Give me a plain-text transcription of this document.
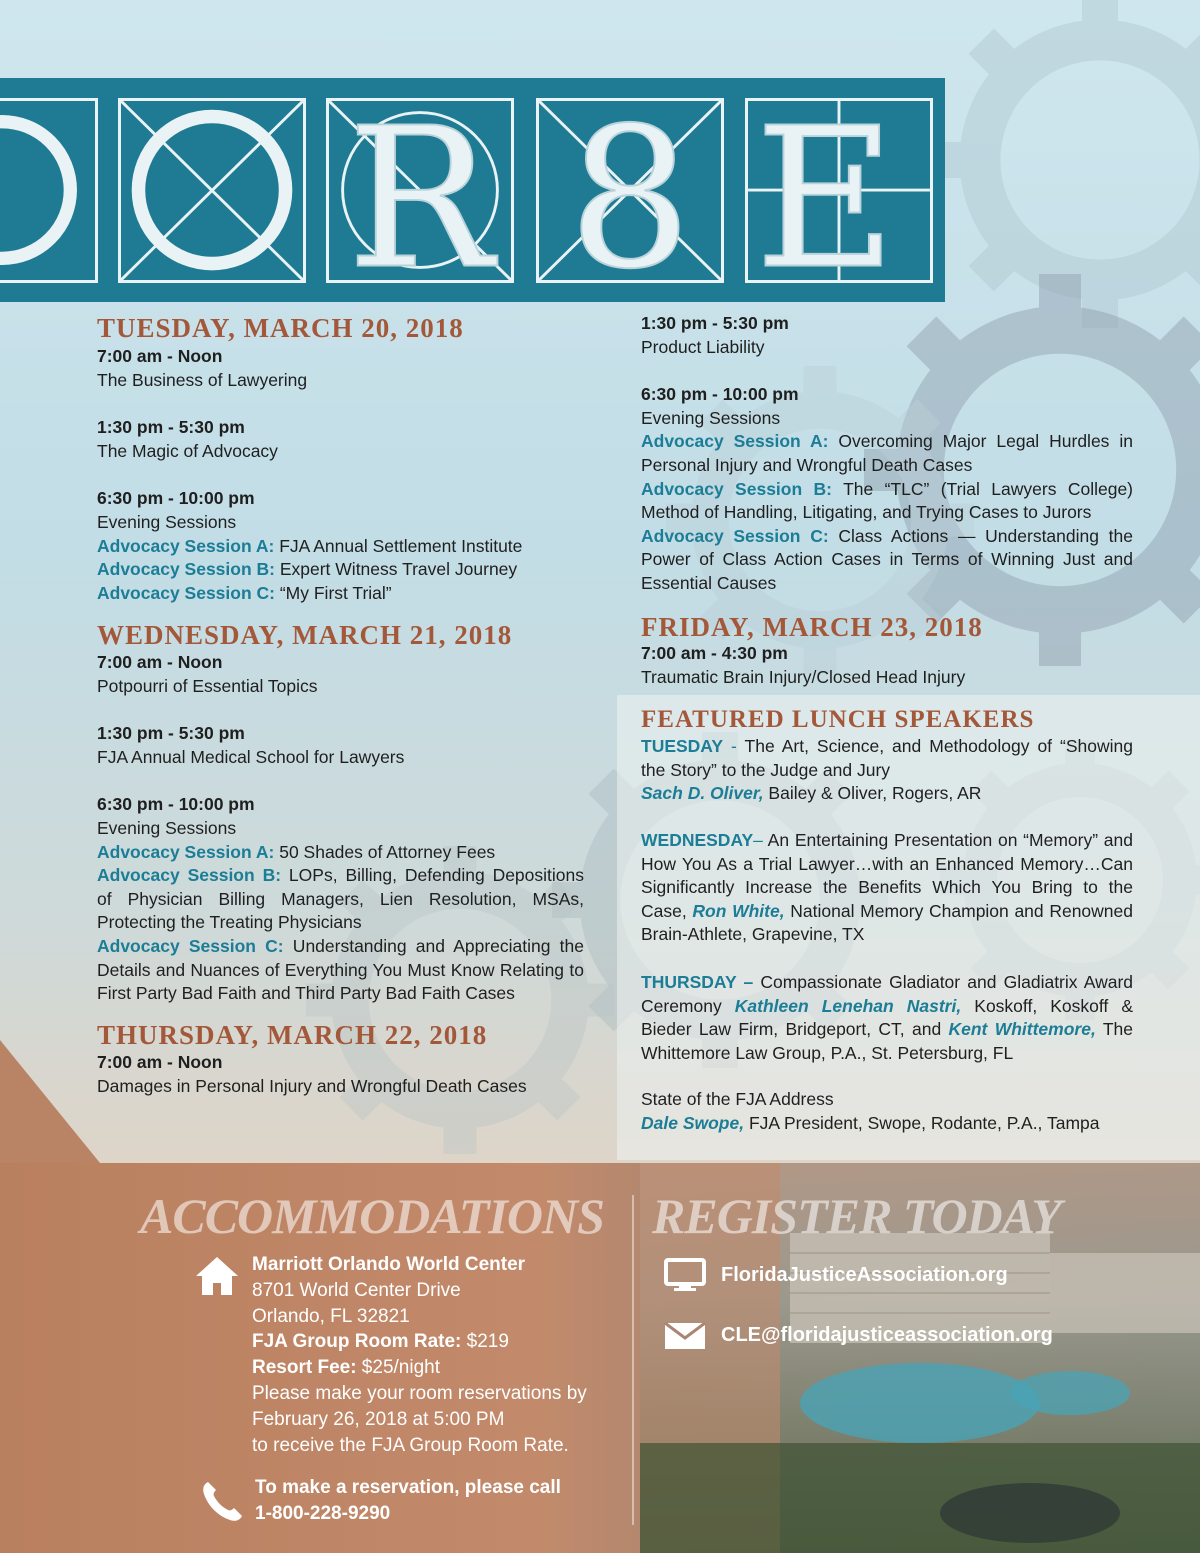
R 8 E
TUESDAY, MARCH 20, 2018
7:00 am - Noon
The Business of Lawyering
1:30 pm - 5:30 pm
The Magic of Advocacy
6:30 pm - 10:00 pm
Evening Sessions
Advocacy Session A: FJA Annual Settlement Institute
Advocacy Session B: Expert Witness Travel Journey
Advocacy Session C: “My First Trial”
WEDNESDAY, MARCH 21, 2018
7:00 am - Noon
Potpourri of Essential Topics
1:30 pm - 5:30 pm
FJA Annual Medical School for Lawyers
6:30 pm - 10:00 pm
Evening Sessions
Advocacy Session A: 50 Shades of Attorney Fees
Advocacy Session B: LOPs, Billing, Defending Depositions of Physician Billing Managers, Lien Resolution, MSAs, Protecting the Treating Physicians
Advocacy Session C: Understanding and Appreciating the Details and Nuances of Everything You Must Know Relating to First Party Bad Faith and Third Party Bad Faith Cases
THURSDAY, MARCH 22, 2018
7:00 am - Noon
Damages in Personal Injury and Wrongful Death Cases
1:30 pm - 5:30 pm
Product Liability
6:30 pm - 10:00 pm
Evening Sessions
Advocacy Session A: Overcoming Major Legal Hurdles in Personal Injury and Wrongful Death Cases
Advocacy Session B: The “TLC” (Trial Lawyers College) Method of Handling, Litigating, and Trying Cases to Jurors
Advocacy Session C: Class Actions — Understanding the Power of Class Action Cases in Terms of Winning Just and Essential Causes
FRIDAY, MARCH 23, 2018
7:00 am - 4:30 pm
Traumatic Brain Injury/Closed Head Injury
FEATURED LUNCH SPEAKERS
TUESDAY - The Art, Science, and Methodology of “Showing the Story” to the Judge and Jury
Sach D. Oliver, Bailey & Oliver, Rogers, AR
WEDNESDAY– An Entertaining Presentation on “Memory” and How You As a Trial Lawyer…with an Enhanced Memory…Can Significantly Increase the Benefits Which You Bring to the Case, Ron White, National Memory Champion and Renowned Brain-Athlete, Grapevine, TX
THURSDAY – Compassionate Gladiator and Gladiatrix Award Ceremony Kathleen Lenehan Nastri, Koskoff, Koskoff & Bieder Law Firm, Bridgeport, CT, and Kent Whittemore, The Whittemore Law Group, P.A., St. Petersburg, FL
State of the FJA Address
Dale Swope, FJA President, Swope, Rodante, P.A., Tampa
ACCOMMODATIONS REGISTER TODAY
Marriott Orlando World Center
8701 World Center Drive
Orlando, FL 32821
FJA Group Room Rate: $219
Resort Fee: $25/night
Please make your room reservations by
February 26, 2018 at 5:00 PM
to receive the FJA Group Room Rate.
To make a reservation, please call
1-800-228-9290
FloridaJusticeAssociation.org
CLE@floridajusticeassociation.org
